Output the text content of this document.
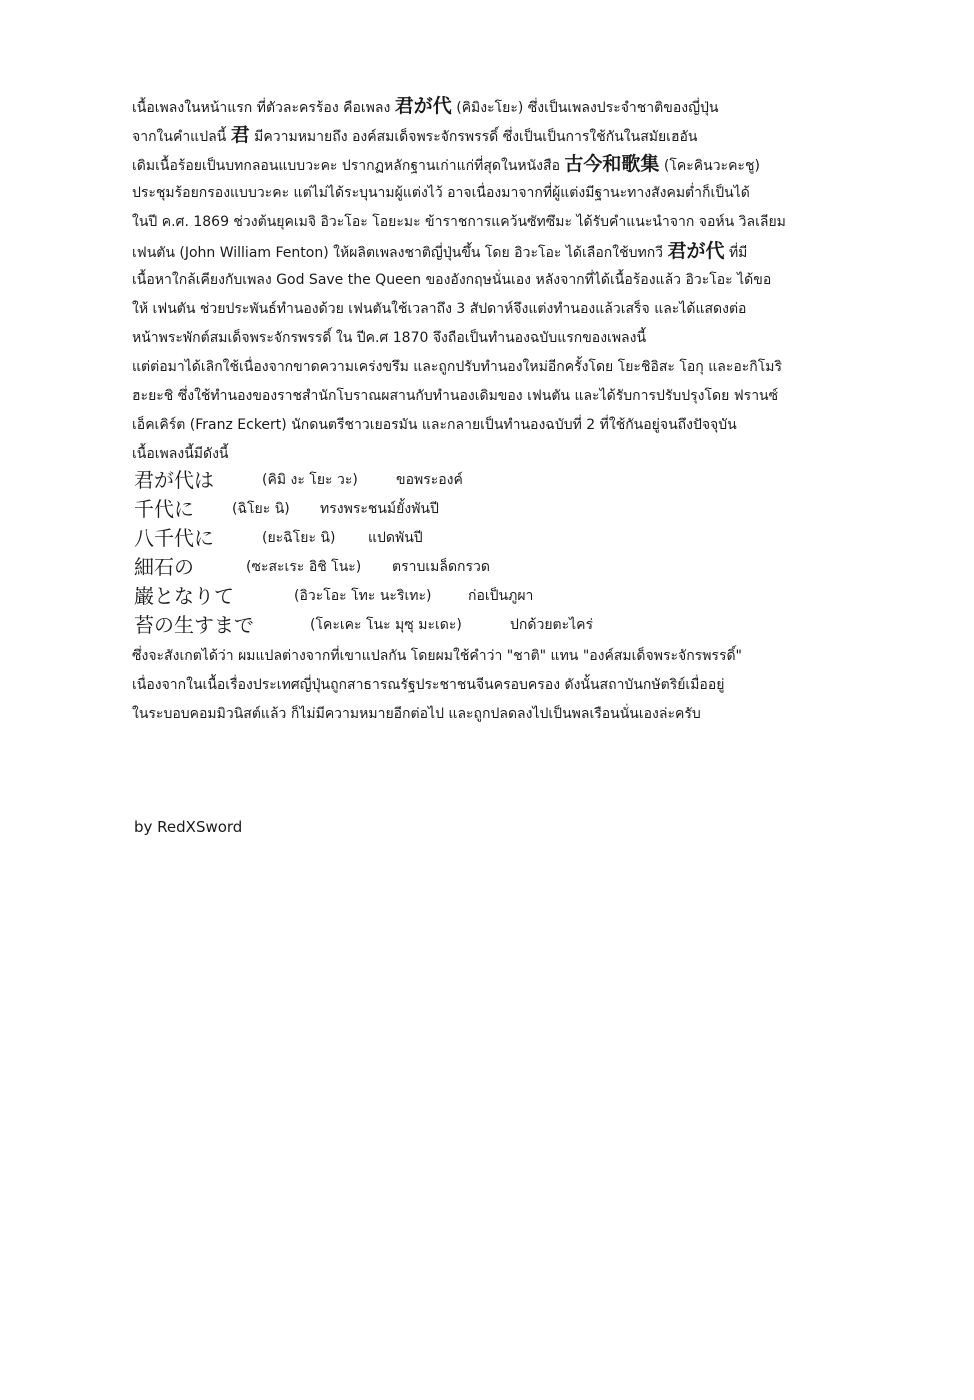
เนื้อเพลงในหน้าแรก ที่ตัวละครร้อง คือเพลง 君が代 (คิมิงะโยะ) ซึ่งเป็นเพลงประจำชาติของญี่ปุ่น
จากในคำแปลนี้ 君 มีความหมายถึง องค์สมเด็จพระจักรพรรดิ์ ซึ่งเป็นเป็นการใช้กันในสมัยเฮอัน
เดิมเนื้อร้อยเป็นบทกลอนแบบวะคะ ปรากฏหลักฐานเก่าแก่ที่สุดในหนังสือ 古今和歌集 (โคะคินวะคะชู)
ประชุมร้อยกรองแบบวะคะ แต่ไม่ได้ระบุนามผู้แต่งไว้ อาจเนื่องมาจากที่ผู้แต่งมีฐานะทางสังคมต่ำก็เป็นได้
ในปี ค.ศ. 1869 ช่วงต้นยุคเมจิ อิวะโอะ โอยะมะ ข้าราชการแคว้นซัทซึมะ ได้รับคำแนะนำจาก จอห์น วิลเลียม
เฟนตัน (John William Fenton) ให้ผลิตเพลงชาติญี่ปุ่นขึ้น โดย อิวะโอะ ได้เลือกใช้บทกวี 君が代 ที่มี
เนื้อหาใกล้เคียงกับเพลง God Save the Queen ของอังกฤษนั่นเอง หลังจากที่ได้เนื้อร้องแล้ว อิวะโอะ ได้ขอ
ให้ เฟนตัน ช่วยประพันธ์ทำนองด้วย เฟนตันใช้เวลาถึง 3 สัปดาห์จึงแต่งทำนองแล้วเสร็จ และได้แสดงต่อ
หน้าพระพักต์สมเด็จพระจักรพรรดิ์ ใน ปีค.ศ 1870 จึงถือเป็นทำนองฉบับแรกของเพลงนี้
แต่ต่อมาได้เลิกใช้เนื่องจากขาดความเคร่งขรึม และถูกปรับทำนองใหม่อีกครั้งโดย โยะชิอิสะ โอกุ และอะกิโมริ
ฮะยะชิ ซึ่งใช้ทำนองของราชสำนักโบราณผสานกับทำนองเดิมของ เฟนตัน และได้รับการปรับปรุงโดย ฟรานซ์
เอ็คเคิร์ต (Franz Eckert) นักดนตรีชาวเยอรมัน และกลายเป็นทำนองฉบับที่ 2 ที่ใช้กันอยู่จนถึงปัจจุบัน
เนื้อเพลงนี้มีดังนี้
君が代は	(คิมิ งะ โยะ วะ)	ขอพระองค์
千代に	(ฉิโยะ นิ) ทรงพระชนม์ยั้งพันปี
八千代に	(ยะฉิโยะ นิ) แปดพันปี
細石の	(ซะสะเระ อิชิ โนะ) ตราบเมล็ดกรวด
巌となりて	(อิวะโอะ โทะ นะริเทะ)	ก่อเป็นภูผา
苔の生すまで	(โคะเคะ โนะ มุซุ มะเดะ)	ปกด้วยตะไคร่
ซึ่งจะสังเกตได้ว่า ผมแปลต่างจากที่เขาแปลกัน โดยผมใช้คำว่า "ชาติ" แทน "องค์สมเด็จพระจักรพรรดิ์"
เนื่องจากในเนื้อเรื่องประเทศญี่ปุ่นถูกสาธารณรัฐประชาชนจีนครอบครอง ดังนั้นสถาบันกษัตริย์เมื่ออยู่
ในระบอบคอมมิวนิสต์แล้ว ก็ไม่มีความหมายอีกต่อไป และถูกปลดลงไปเป็นพลเรือนนั่นเองล่ะครับ
by RedXSword
